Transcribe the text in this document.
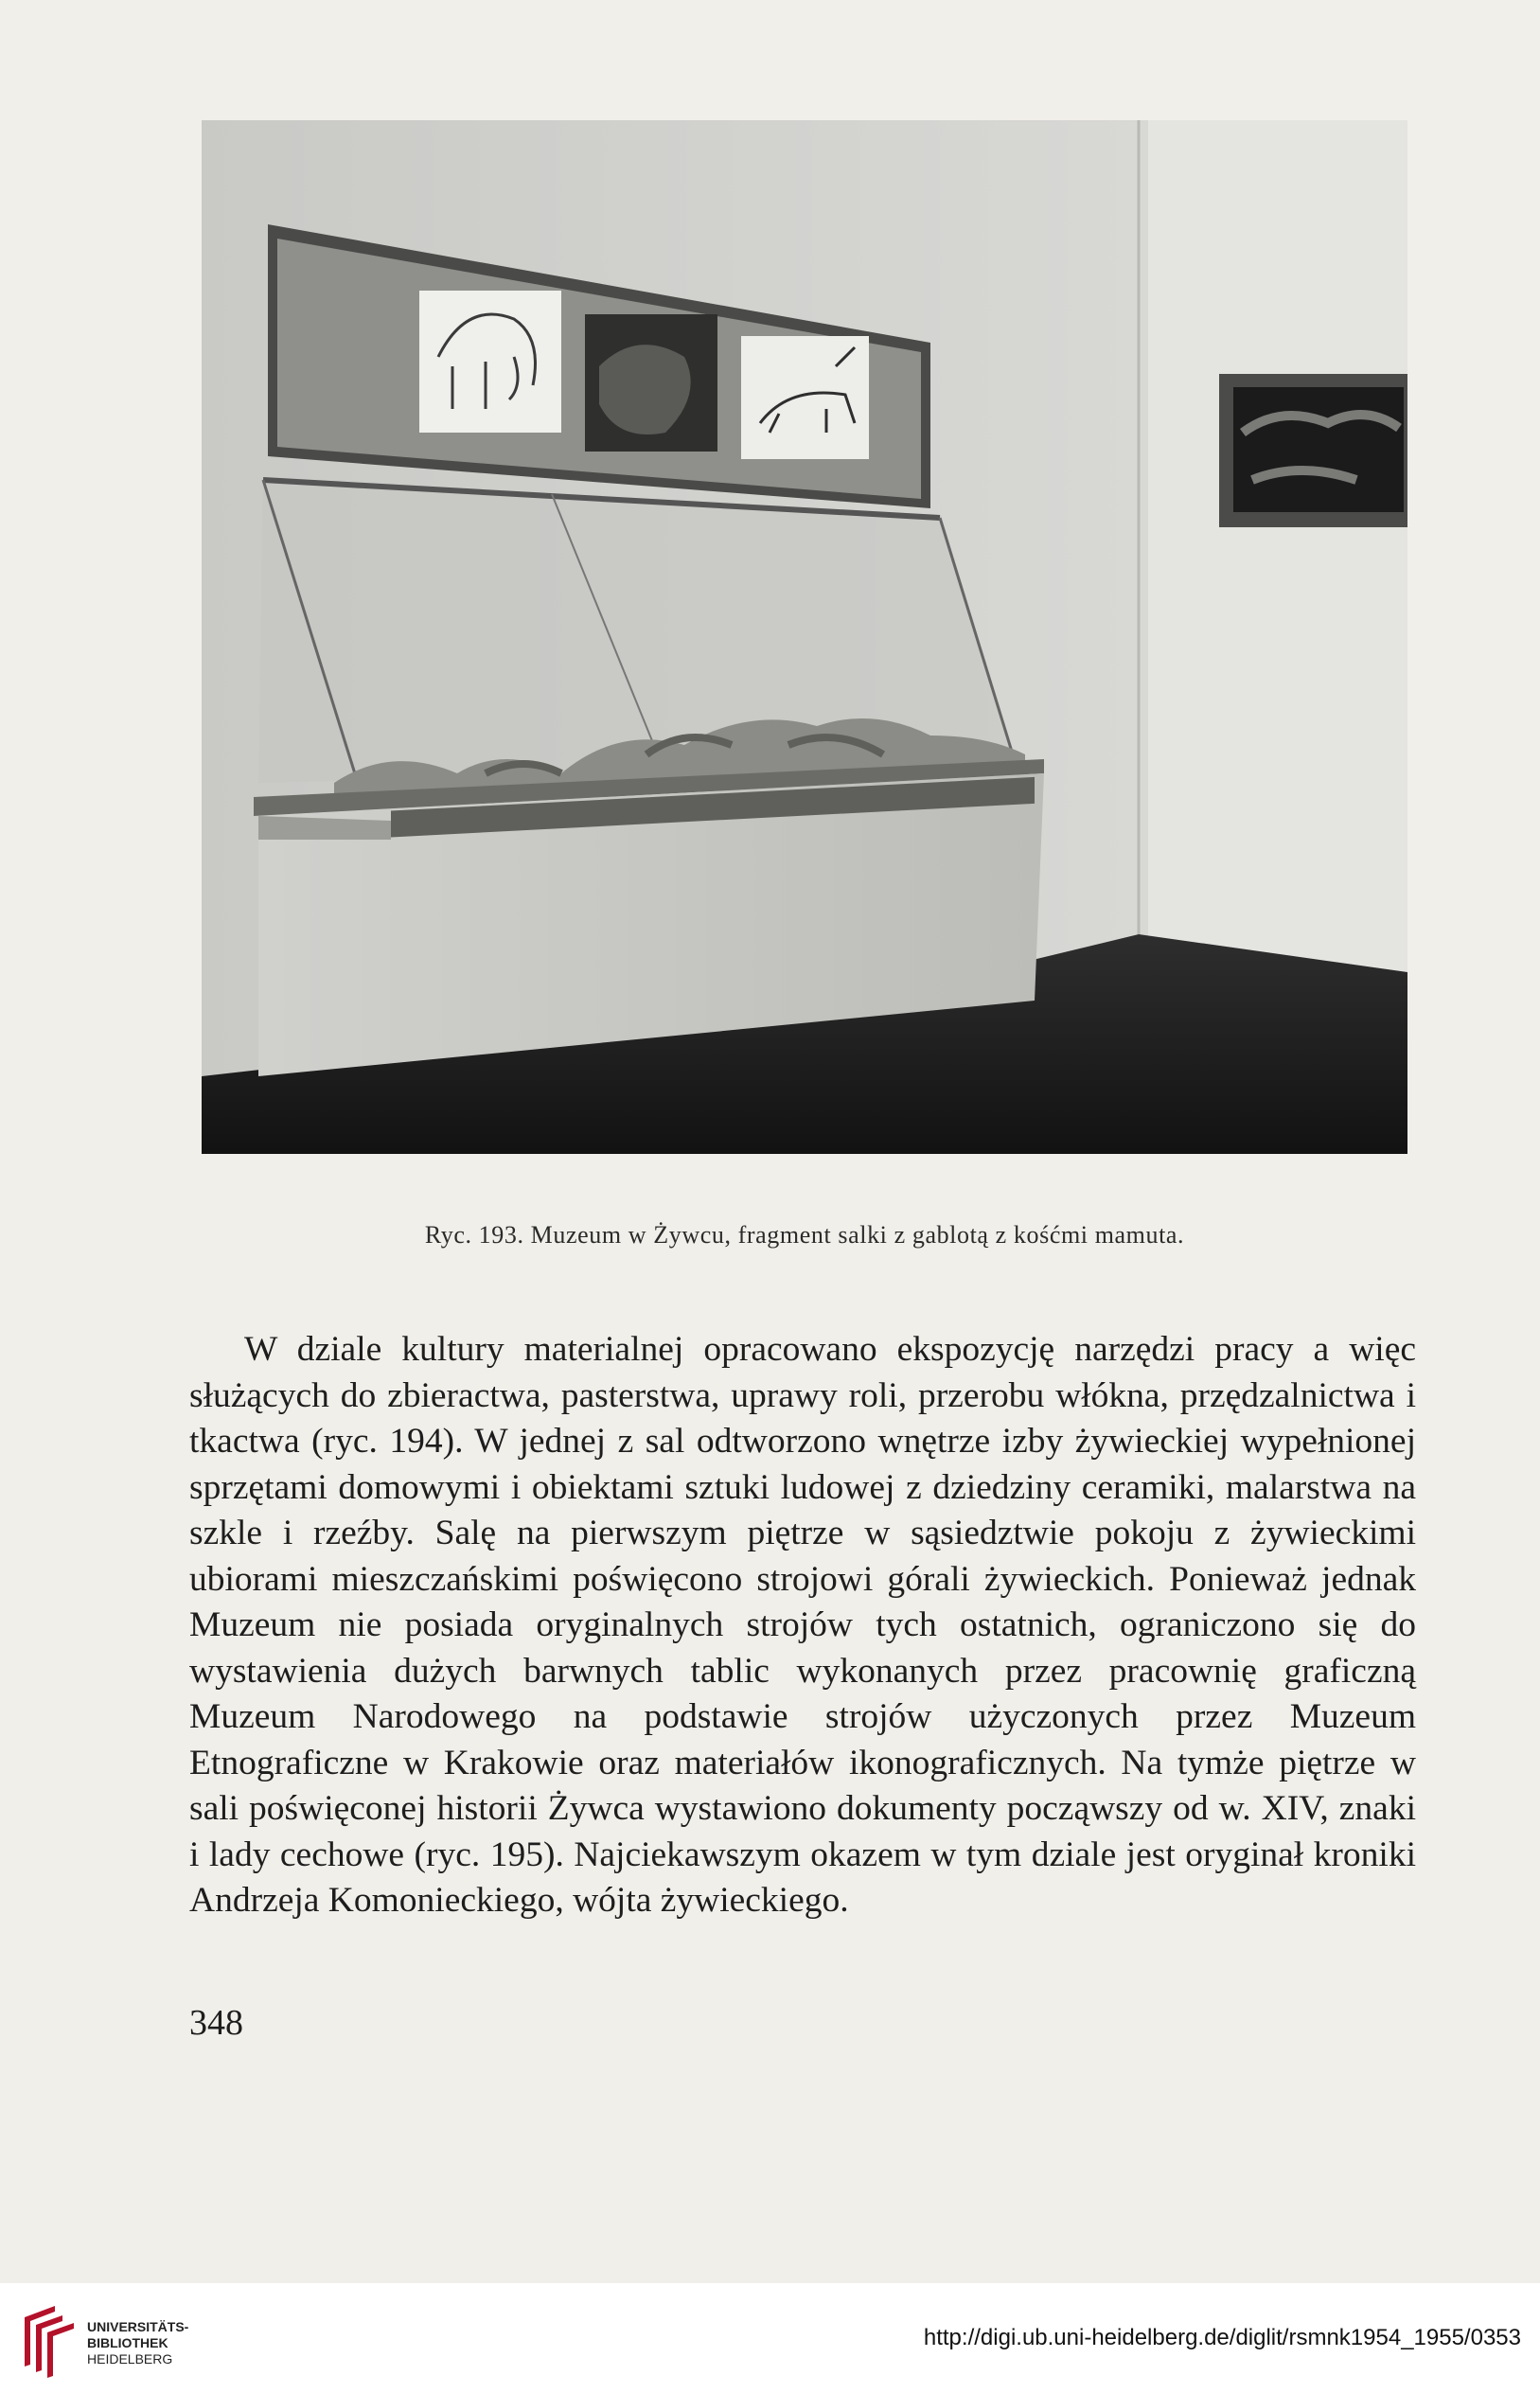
Ryc. 193. Muzeum w Żywcu, fragment salki z gablotą z kośćmi mamuta.

W dziale kultury materialnej opracowano ekspozycję narzędzi pracy a więc służących do zbieractwa, pasterstwa, uprawy roli, przerobu włókna, przędzalnictwa i tkactwa (ryc. 194). W jednej z sal odtworzono wnętrze izby żywieckiej wypełnionej sprzętami domowymi i obiektami sztuki ludowej z dziedziny ceramiki, malarstwa na szkle i rzeźby. Salę na pierwszym piętrze w sąsiedztwie pokoju z żywieckimi ubiorami mieszczańskimi poświęcono strojowi górali żywieckich. Ponieważ jednak Muzeum nie posiada oryginalnych strojów tych ostatnich, ograniczono się do wystawienia dużych barwnych tablic wykonanych przez pracownię graficzną Muzeum Narodowego na podstawie strojów użyczonych przez Muzeum Etnograficzne w Krakowie oraz materiałów ikonograficznych. Na tymże piętrze w sali poświęconej historii Żywca wystawiono dokumenty począwszy od w. XIV, znaki i lady cechowe (ryc. 195). Najciekawszym okazem w tym dziale jest oryginał kroniki Andrzeja Komonieckiego, wójta żywieckiego.

348
UNIVERSITÄTS-
BIBLIOTHEK
HEIDELBERG
http://digi.ub.uni-heidelberg.de/diglit/rsmnk1954_1955/0353
